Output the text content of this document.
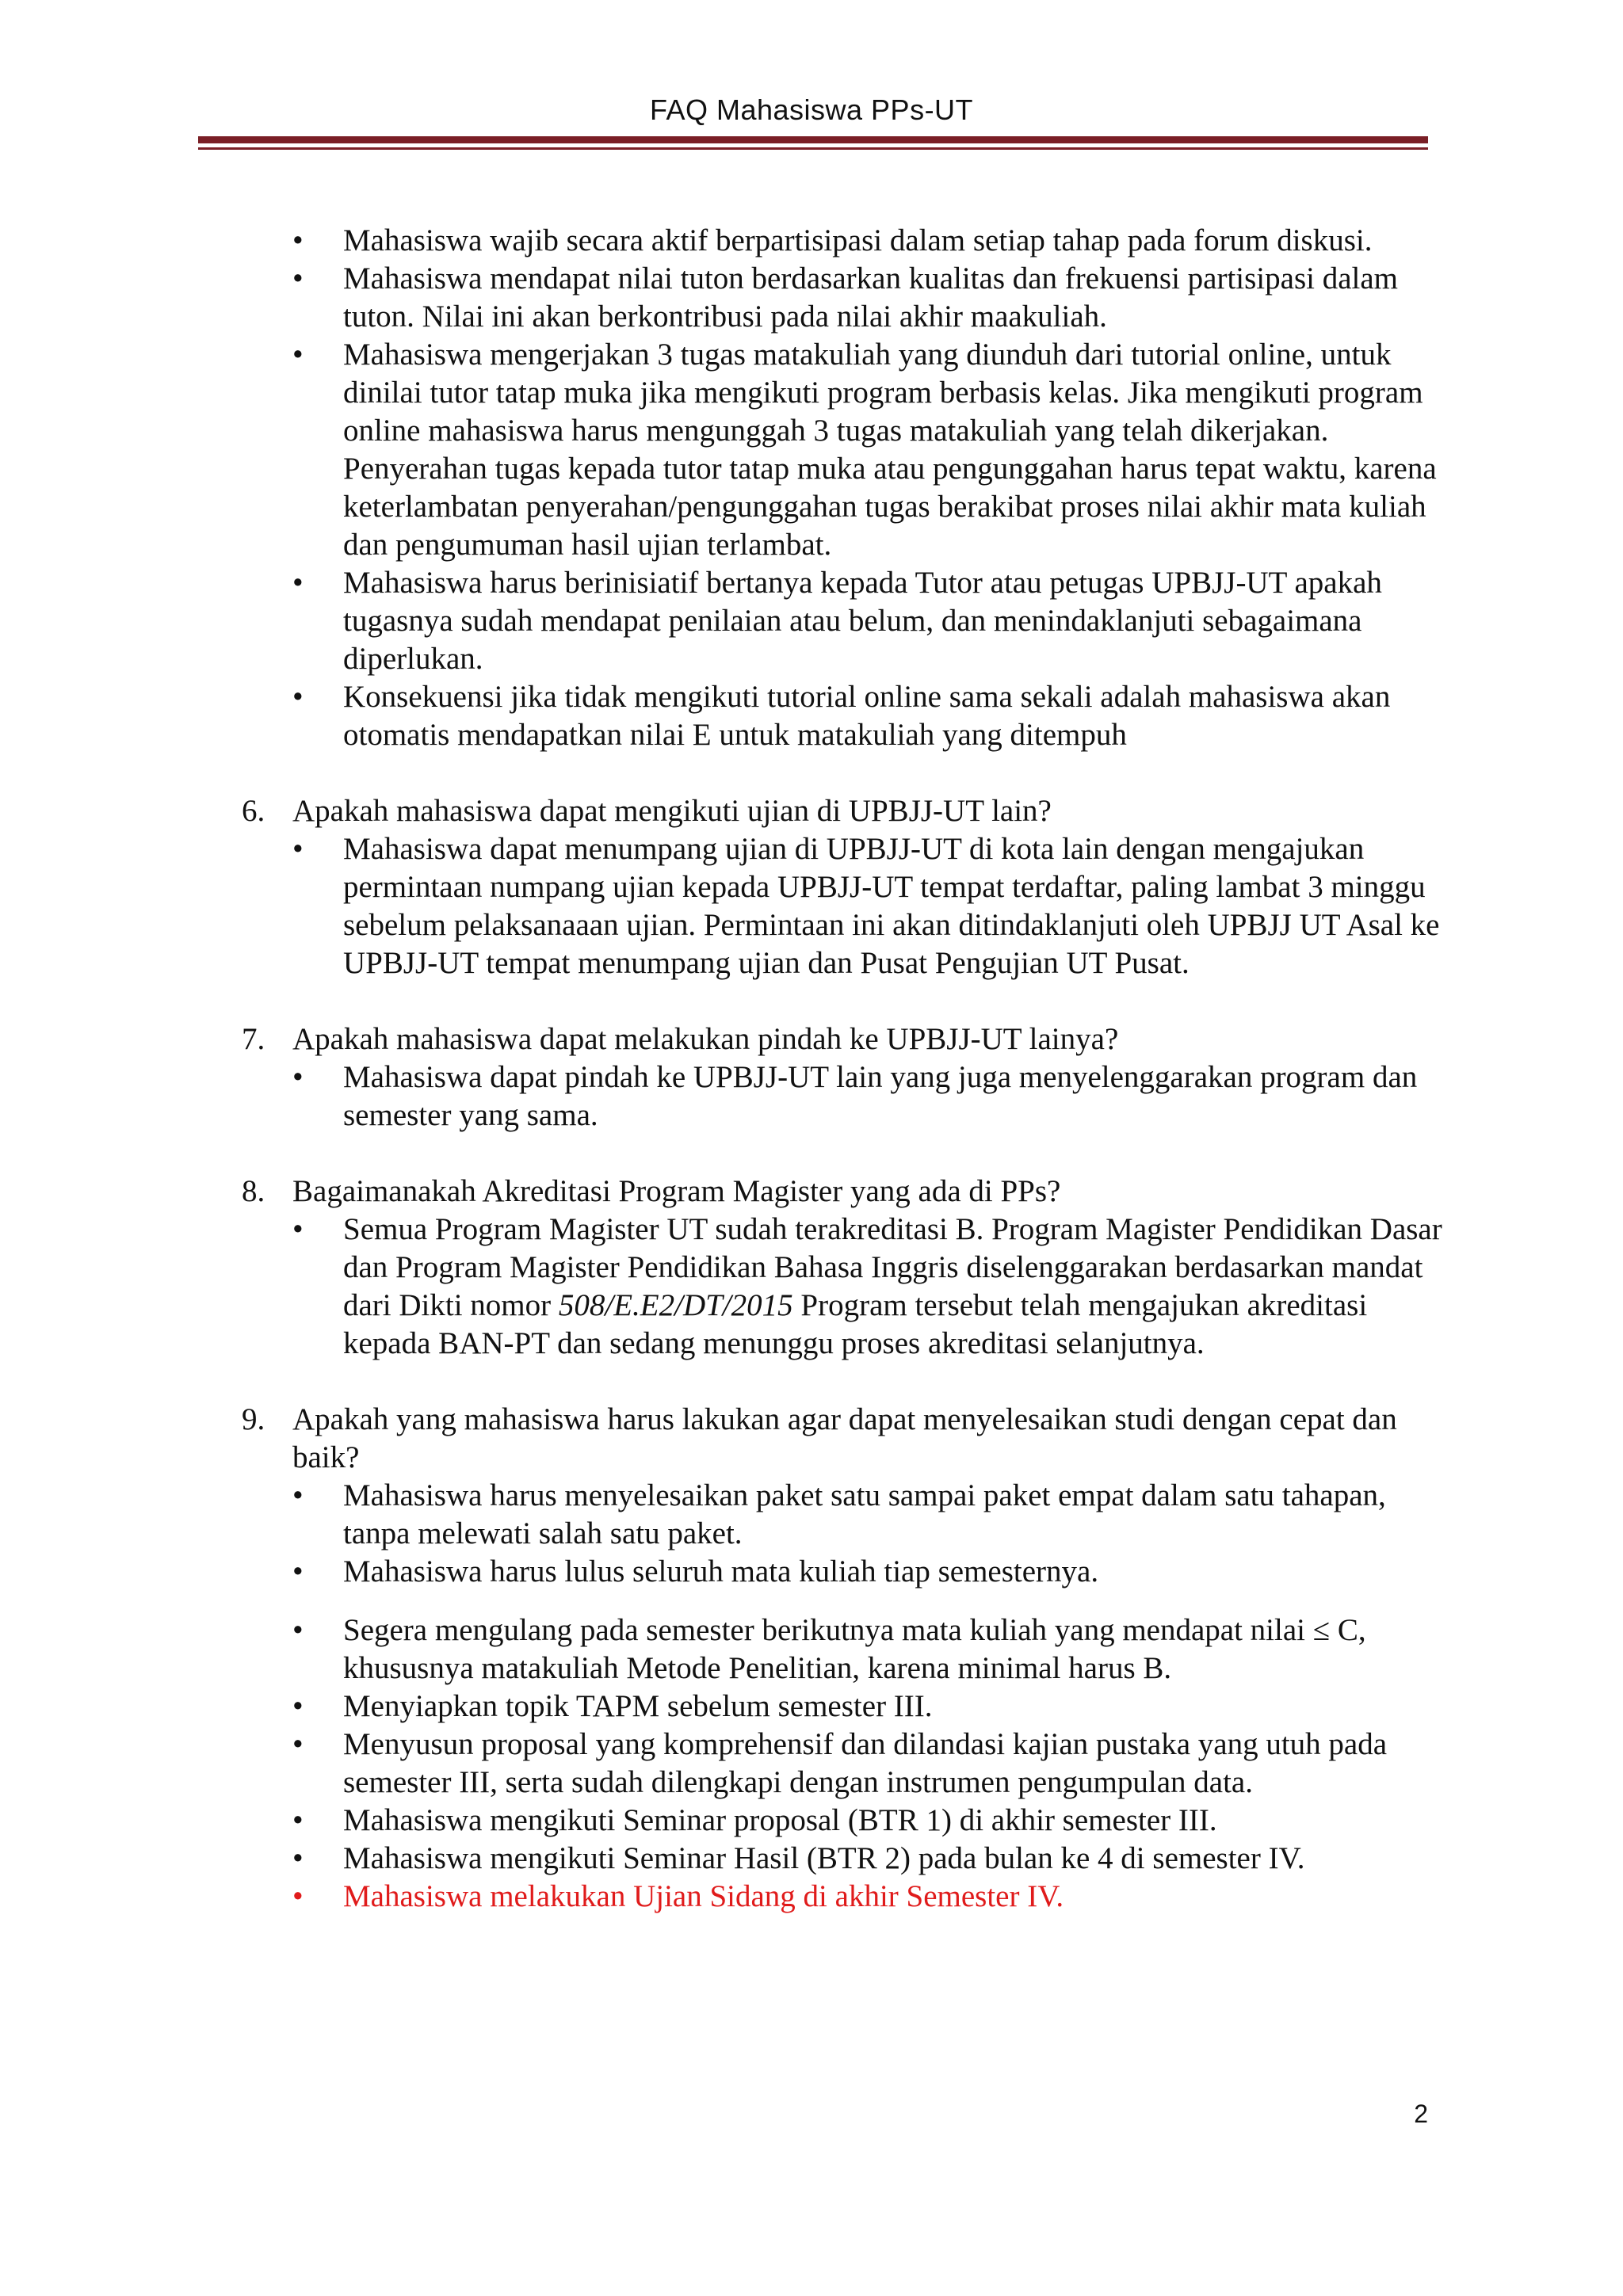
FAQ Mahasiswa PPs-UT
• Mahasiswa wajib secara aktif berpartisipasi dalam setiap tahap pada forum diskusi.
• Mahasiswa mendapat nilai tuton berdasarkan kualitas dan frekuensi partisipasi dalam tuton. Nilai ini akan berkontribusi pada nilai akhir maakuliah.
• Mahasiswa mengerjakan 3 tugas matakuliah yang diunduh dari tutorial online, untuk dinilai tutor tatap muka jika mengikuti program berbasis kelas. Jika mengikuti program online mahasiswa harus mengunggah 3 tugas matakuliah yang telah dikerjakan. Penyerahan tugas kepada tutor tatap muka atau pengunggahan harus tepat waktu, karena keterlambatan penyerahan/pengunggahan tugas berakibat proses nilai akhir mata kuliah dan pengumuman hasil ujian terlambat.
• Mahasiswa harus berinisiatif bertanya kepada Tutor atau petugas UPBJJ-UT apakah tugasnya sudah mendapat penilaian atau belum, dan menindaklanjuti sebagaimana diperlukan.
• Konsekuensi jika tidak mengikuti tutorial online sama sekali adalah mahasiswa akan otomatis mendapatkan nilai E untuk matakuliah yang ditempuh
6. Apakah mahasiswa dapat mengikuti ujian di UPBJJ-UT lain?
• Mahasiswa dapat menumpang ujian di UPBJJ-UT di kota lain dengan mengajukan permintaan numpang ujian kepada UPBJJ-UT tempat terdaftar, paling lambat 3 minggu sebelum pelaksanaaan ujian. Permintaan ini akan ditindaklanjuti oleh UPBJJ UT Asal ke UPBJJ-UT tempat menumpang ujian dan Pusat Pengujian UT Pusat.
7. Apakah mahasiswa dapat melakukan pindah ke UPBJJ-UT lainya?
• Mahasiswa dapat pindah ke UPBJJ-UT lain yang juga menyelenggarakan program dan semester yang sama.
8. Bagaimanakah Akreditasi Program Magister yang ada di PPs?
• Semua Program Magister UT sudah terakreditasi B. Program Magister Pendidikan Dasar dan Program Magister Pendidikan Bahasa Inggris diselenggarakan berdasarkan mandat dari Dikti nomor 508/E.E2/DT/2015 Program tersebut telah mengajukan akreditasi kepada BAN-PT dan sedang menunggu proses akreditasi selanjutnya.
9. Apakah yang mahasiswa harus lakukan agar dapat menyelesaikan studi dengan cepat dan baik?
• Mahasiswa harus menyelesaikan paket satu sampai paket empat dalam satu tahapan, tanpa melewati salah satu paket.
• Mahasiswa harus lulus seluruh mata kuliah tiap semesternya.
• Segera mengulang pada semester berikutnya mata kuliah yang mendapat nilai ≤ C, khususnya matakuliah Metode Penelitian, karena minimal harus B.
• Menyiapkan topik TAPM sebelum semester III.
• Menyusun proposal yang komprehensif dan dilandasi kajian pustaka yang utuh pada semester III, serta sudah dilengkapi dengan instrumen pengumpulan data.
• Mahasiswa mengikuti Seminar proposal (BTR 1) di akhir semester III.
• Mahasiswa mengikuti Seminar Hasil (BTR 2) pada bulan ke 4 di semester IV.
• Mahasiswa melakukan Ujian Sidang di akhir Semester IV.
2
